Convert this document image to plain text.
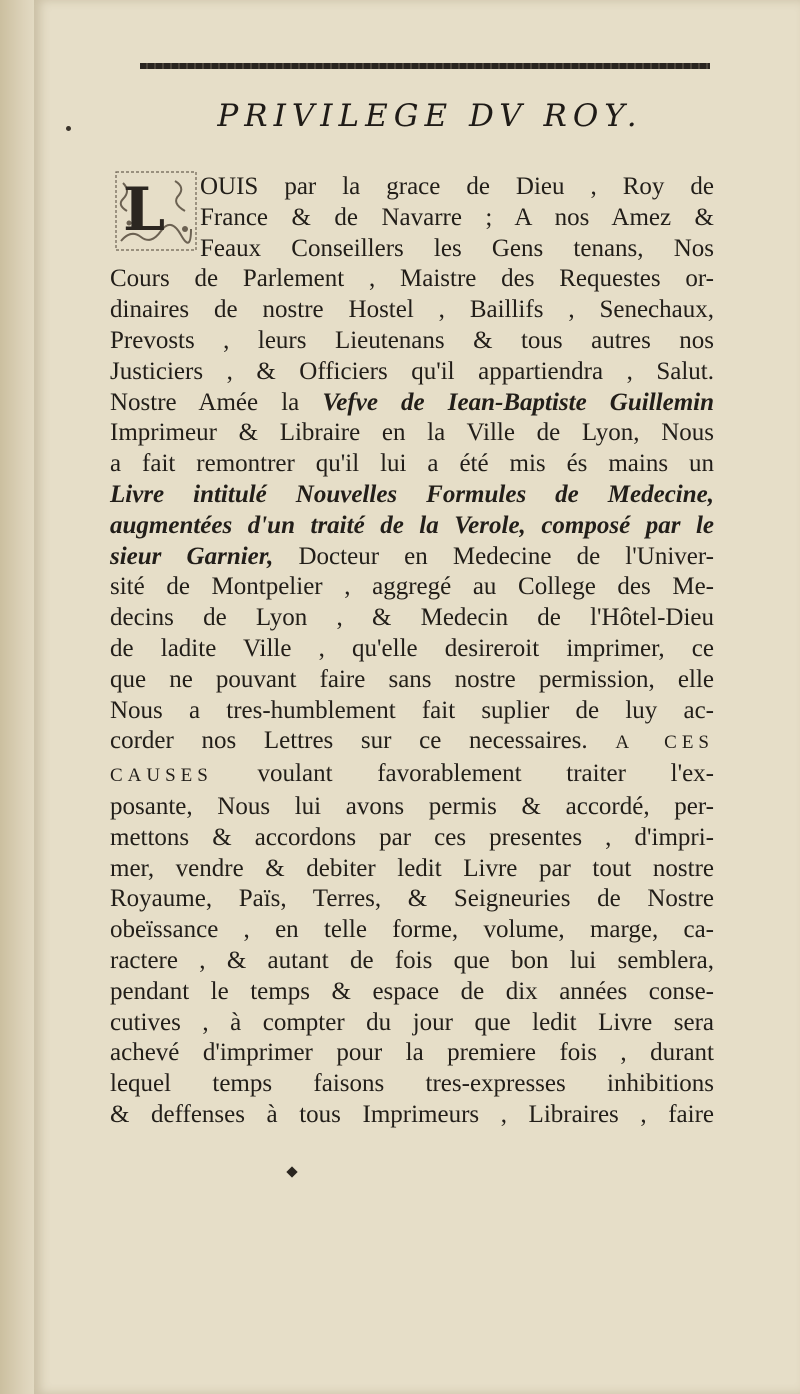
PRIVILEGE DV ROY.
L	OUIS par la grace de Dieu , Roy de
France & de Navarre ; A nos Amez &
Feaux Conseillers les Gens tenans, Nos
Cours de Parlement , Maistre des Requestes or-
dinaires de nostre Hostel , Baillifs , Senechaux,
Prevosts , leurs Lieutenans & tous autres nos
Justiciers , & Officiers qu'il appartiendra , Salut.
Nostre Amée la Vefve de Iean-Baptiste Guillemin
Imprimeur & Libraire en la Ville de Lyon, Nous
a fait remontrer qu'il lui a été mis és mains un
Livre intitulé Nouvelles Formules de Medecine,
augmentées d'un traité de la Verole, composé par le
sieur Garnier, Docteur en Medecine de l'Univer-
sité de Montpelier , aggregé au College des Me-
decins de Lyon , & Medecin de l'Hôtel-Dieu
de ladite Ville , qu'elle desireroit imprimer, ce
que ne pouvant faire sans nostre permission, elle
Nous a tres-humblement fait suplier de luy ac-
corder nos Lettres sur ce necessaires. A CES
CAUSES voulant favorablement traiter l'ex-
posante, Nous lui avons permis & accordé, per-
mettons & accordons par ces presentes , d'impri-
mer, vendre & debiter ledit Livre par tout nostre
Royaume, Païs, Terres, & Seigneuries de Nostre
obeïssance , en telle forme, volume, marge, ca-
ractere , & autant de fois que bon lui semblera,
pendant le temps & espace de dix années conse-
cutives , à compter du jour que ledit Livre sera
achevé d'imprimer pour la premiere fois , durant
lequel temps faisons tres-expresses inhibitions
& deffenses à tous Imprimeurs , Libraires , faire
